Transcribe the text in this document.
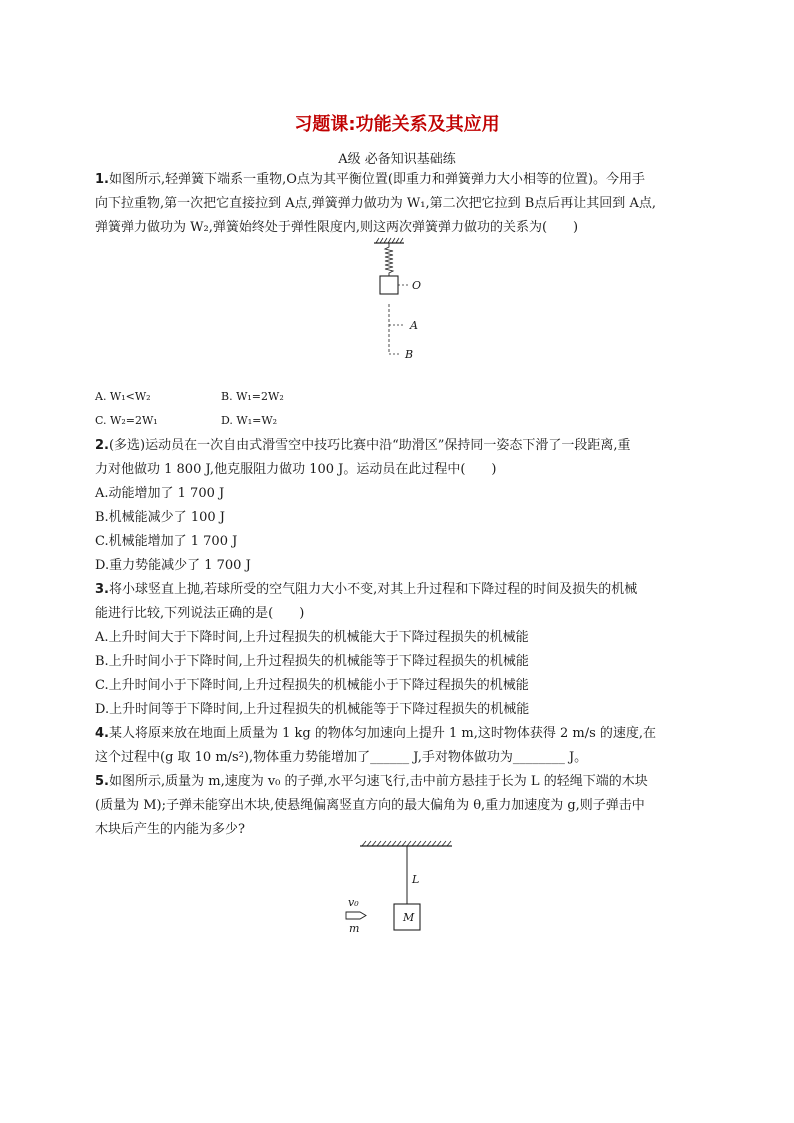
习题课:功能关系及其应用
A级 必备知识基础练
1.如图所示,轻弹簧下端系一重物,O点为其平衡位置(即重力和弹簧弹力大小相等的位置)。今用手
向下拉重物,第一次把它直接拉到 A点,弹簧弹力做功为 W₁,第二次把它拉到 B点后再让其回到 A点,
弹簧弹力做功为 W₂,弹簧始终处于弹性限度内,则这两次弹簧弹力做功的关系为(　　)
O
A
B
A. W₁<W₂	B. W₁=2W₂
C. W₂=2W₁	D. W₁=W₂
2.(多选)运动员在一次自由式滑雪空中技巧比赛中沿“助滑区”保持同一姿态下滑了一段距离,重
力对他做功 1 800 J,他克服阻力做功 100 J。运动员在此过程中(　　)
A.动能增加了 1 700 J
B.机械能减少了 100 J
C.机械能增加了 1 700 J
D.重力势能减少了 1 700 J
3.将小球竖直上抛,若球所受的空气阻力大小不变,对其上升过程和下降过程的时间及损失的机械
能进行比较,下列说法正确的是(　　)
A.上升时间大于下降时间,上升过程损失的机械能大于下降过程损失的机械能
B.上升时间小于下降时间,上升过程损失的机械能等于下降过程损失的机械能
C.上升时间小于下降时间,上升过程损失的机械能小于下降过程损失的机械能
D.上升时间等于下降时间,上升过程损失的机械能等于下降过程损失的机械能
4.某人将原来放在地面上质量为 1 kg 的物体匀加速向上提升 1 m,这时物体获得 2 m/s 的速度,在
这个过程中(g 取 10 m/s²),物体重力势能增加了______ J,手对物体做功为________ J。
5.如图所示,质量为 m,速度为 v₀ 的子弹,水平匀速飞行,击中前方悬挂于长为 L 的轻绳下端的木块
(质量为 M);子弹未能穿出木块,使悬绳偏离竖直方向的最大偏角为 θ,重力加速度为 g,则子弹击中
木块后产生的内能为多少?
L
M
v₀
m
